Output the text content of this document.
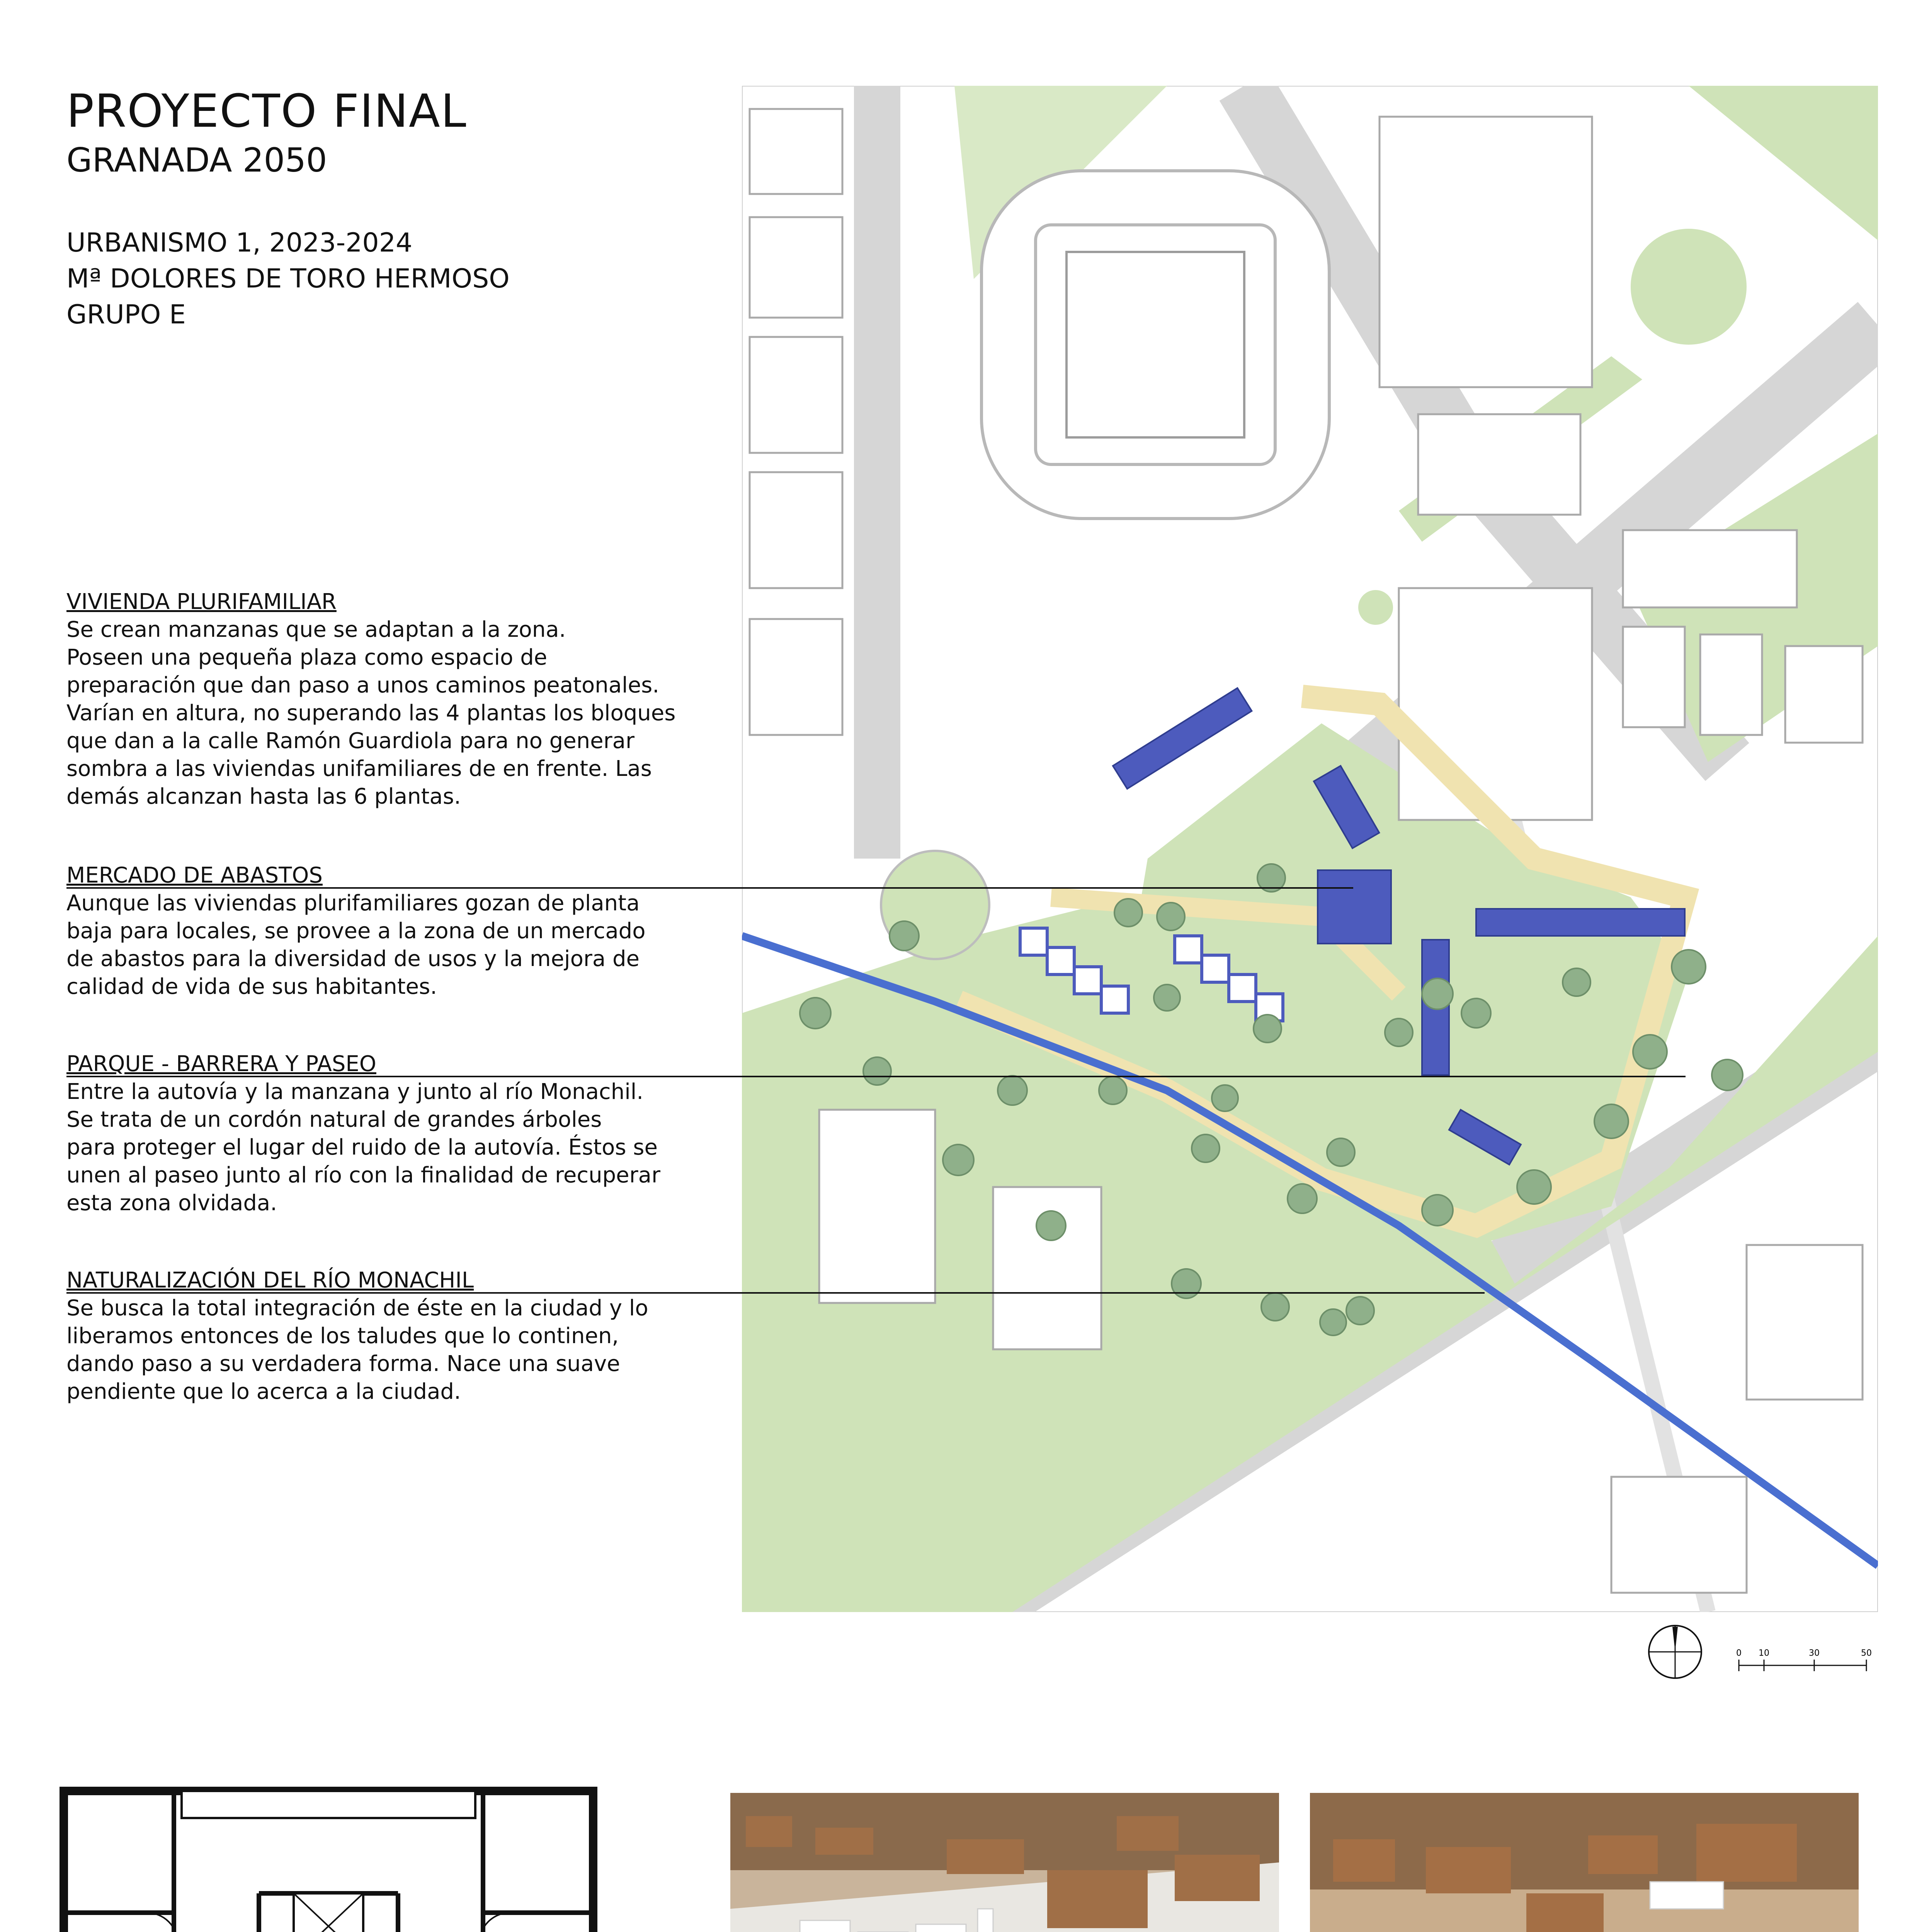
PROYECTO FINAL
GRANADA 2050
URBANISMO 1, 2023-2024
Mª DOLORES DE TORO HERMOSO
GRUPO E
VIVIENDA PLURIFAMILIAR
Se crean manzanas que se adaptan a la zona.
Poseen una pequeña plaza como espacio de
preparación que dan paso a unos caminos peatonales.
Varían en altura, no superando las 4 plantas los bloques
que dan a la calle Ramón Guardiola para no generar
sombra a las viviendas unifamiliares de en frente. Las
demás alcanzan hasta las 6 plantas.
MERCADO DE ABASTOS
Aunque las viviendas plurifamiliares gozan de planta
baja para locales, se provee a la zona de un mercado
de abastos para la diversidad de usos y la mejora de
calidad de vida de sus habitantes.
PARQUE - BARRERA Y PASEO
Entre la autovía y la manzana y junto al río Monachil.
Se trata de un cordón natural de grandes árboles
para proteger el lugar del ruido de la autovía. Éstos se
unen al paseo junto al río con la finalidad de recuperar
esta zona olvidada.
NATURALIZACIÓN DEL RÍO MONACHIL
Se busca la total integración de éste en la ciudad y lo
liberamos entonces de los taludes que lo continen,
dando paso a su verdadera forma. Nace una suave
pendiente que lo acerca a la ciudad.
0 10	30	50
